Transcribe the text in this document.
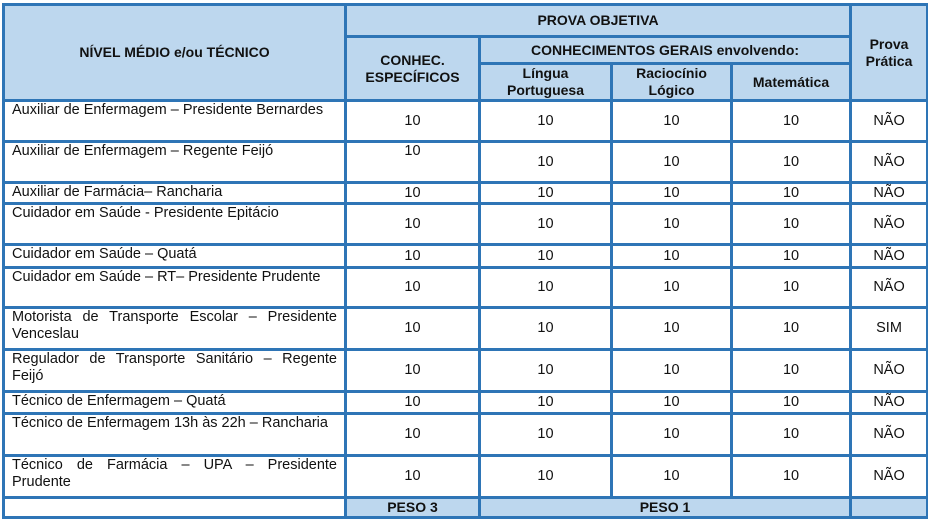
NÍVEL MÉDIO e/ou TÉCNICO	PROVA OBJETIVA				Prova Prática
	CONHEC. ESPECÍFICOS	CONHECIMENTOS GERAIS envolvendo:			
		Língua Portuguesa	Raciocínio Lógico	Matemática	
Auxiliar de Enfermagem – Presidente Bernardes	10	10	10	10	NÃO
Auxiliar de Enfermagem – Regente Feijó	10	10	10	10	NÃO
Auxiliar de Farmácia– Rancharia	10	10	10	10	NÃO
Cuidador em Saúde - Presidente Epitácio	10	10	10	10	NÃO
Cuidador em Saúde – Quatá	10	10	10	10	NÃO
Cuidador em Saúde – RT– Presidente Prudente	10	10	10	10	NÃO
Motorista de Transporte Escolar – Presidente Venceslau	10	10	10	10	SIM
Regulador de Transporte Sanitário – Regente Feijó	10	10	10	10	NÃO
Técnico de Enfermagem – Quatá	10	10	10	10	NÃO
Técnico de Enfermagem 13h às 22h – Rancharia	10	10	10	10	NÃO
Técnico de Farmácia – UPA – Presidente Prudente	10	10	10	10	NÃO
	PESO 3	PESO 1			
